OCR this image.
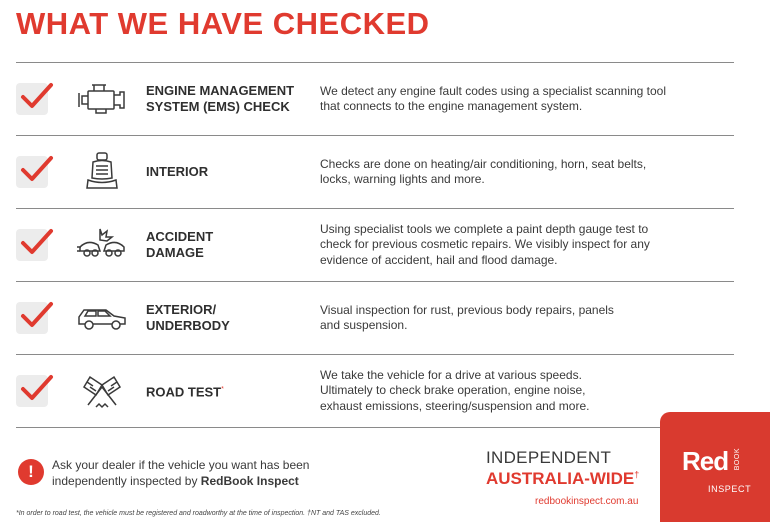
WHAT WE HAVE CHECKED
ENGINE MANAGEMENT
SYSTEM (EMS) CHECK
We detect any engine fault codes using a specialist scanning tool
that connects to the engine management system.
INTERIOR
Checks are done on heating/air conditioning, horn, seat belts,
locks, warning lights and more.
ACCIDENT
DAMAGE
Using specialist tools we complete a paint depth gauge test to
check for previous cosmetic repairs. We visibly inspect for any
evidence of accident, hail and flood damage.
EXTERIOR/
UNDERBODY
Visual inspection for rust, previous body repairs, panels
and suspension.
ROAD TEST*
We take the vehicle for a drive at various speeds.
Ultimately to check brake operation, engine noise,
exhaust emissions, steering/suspension and more.
!	Ask your dealer if the vehicle you want has been independently inspected by RedBook Inspect
INDEPENDENT
AUSTRALIA-WIDE†
redbookinspect.com.au
Red BOOK
INSPECT
*In order to road test, the vehicle must be registered and roadworthy at the time of inspection. †NT and TAS excluded.
